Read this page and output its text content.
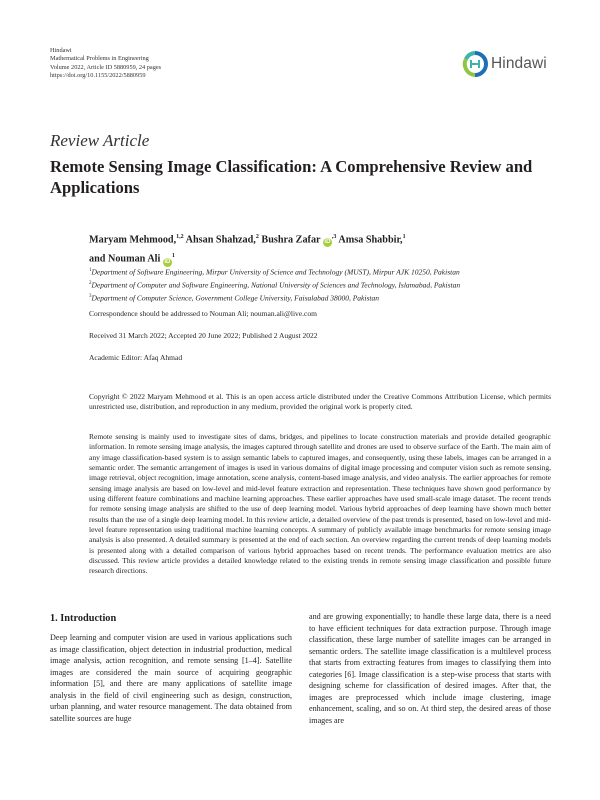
Hindawi
Mathematical Problems in Engineering
Volume 2022, Article ID 5880959, 24 pages
https://doi.org/10.1155/2022/5880959
Hindawi
Review Article
Remote Sensing Image Classification: A Comprehensive Review and Applications
Maryam Mehmood,$^{1,2}$ Ahsan Shahzad,$^2$ Bushra Zafar $iD^{,3}$ Amsa Shabbir,$^1$
and Nouman Ali $iD^1$
$^1$Department of Software Engineering, Mirpur University of Science and Technology (MUST), Mirpur AJK 10250, Pakistan
$^2$Department of Computer and Software Engineering, National University of Sciences and Technology, Islamabad, Pakistan
$^3$Department of Computer Science, Government College University, Faisalabad 38000, Pakistan
Correspondence should be addressed to Nouman Ali; nouman.ali@live.com
Received 31 March 2022; Accepted 20 June 2022; Published 2 August 2022
Academic Editor: Afaq Ahmad
Copyright © 2022 Maryam Mehmood et al. This is an open access article distributed under the Creative Commons Attribution License, which permits unrestricted use, distribution, and reproduction in any medium, provided the original work is properly cited.
Remote sensing is mainly used to investigate sites of dams, bridges, and pipelines to locate construction materials and provide detailed geographic information. In remote sensing image analysis, the images captured through satellite and drones are used to observe surface of the Earth. The main aim of any image classification-based system is to assign semantic labels to captured images, and consequently, using these labels, images can be arranged in a semantic order. The semantic arrangement of images is used in various domains of digital image processing and computer vision such as remote sensing, image retrieval, object recognition, image annotation, scene analysis, content-based image analysis, and video analysis. The earlier approaches for remote sensing image analysis are based on low-level and mid-level feature extraction and representation. These techniques have shown good performance by using different feature combinations and machine learning approaches. These earlier approaches have used small-scale image dataset. The recent trends for remote sensing image analysis are shifted to the use of deep learning model. Various hybrid approaches of deep learning have shown much better results than the use of a single deep learning model. In this review article, a detailed overview of the past trends is presented, based on low-level and mid-level feature representation using traditional machine learning concepts. A summary of publicly available image benchmarks for remote sensing image analysis is also presented. A detailed summary is presented at the end of each section. An overview regarding the current trends of deep learning models is presented along with a detailed comparison of various hybrid approaches based on recent trends. The performance evaluation metrics are also discussed. This review article provides a detailed knowledge related to the existing trends in remote sensing image classification and possible future research directions.
1. Introduction
Deep learning and computer vision are used in various applications such as image classification, object detection in industrial production, medical image analysis, action recognition, and remote sensing [1–4]. Satellite images are considered the main source of acquiring geographic information [5], and there are many applications of satellite image analysis in the field of civil engineering such as design, construction, urban planning, and water resource management. The data obtained from satellite sources are huge
and are growing exponentially; to handle these large data, there is a need to have efficient techniques for data extraction purpose. Through image classification, these large number of satellite images can be arranged in semantic orders. The satellite image classification is a multilevel process that starts from extracting features from images to classifying them into categories [6]. Image classification is a step-wise process that starts with designing scheme for classification of desired images. After that, the images are preprocessed which include image clustering, image enhancement, scaling, and so on. At third step, the desired areas of those images are
